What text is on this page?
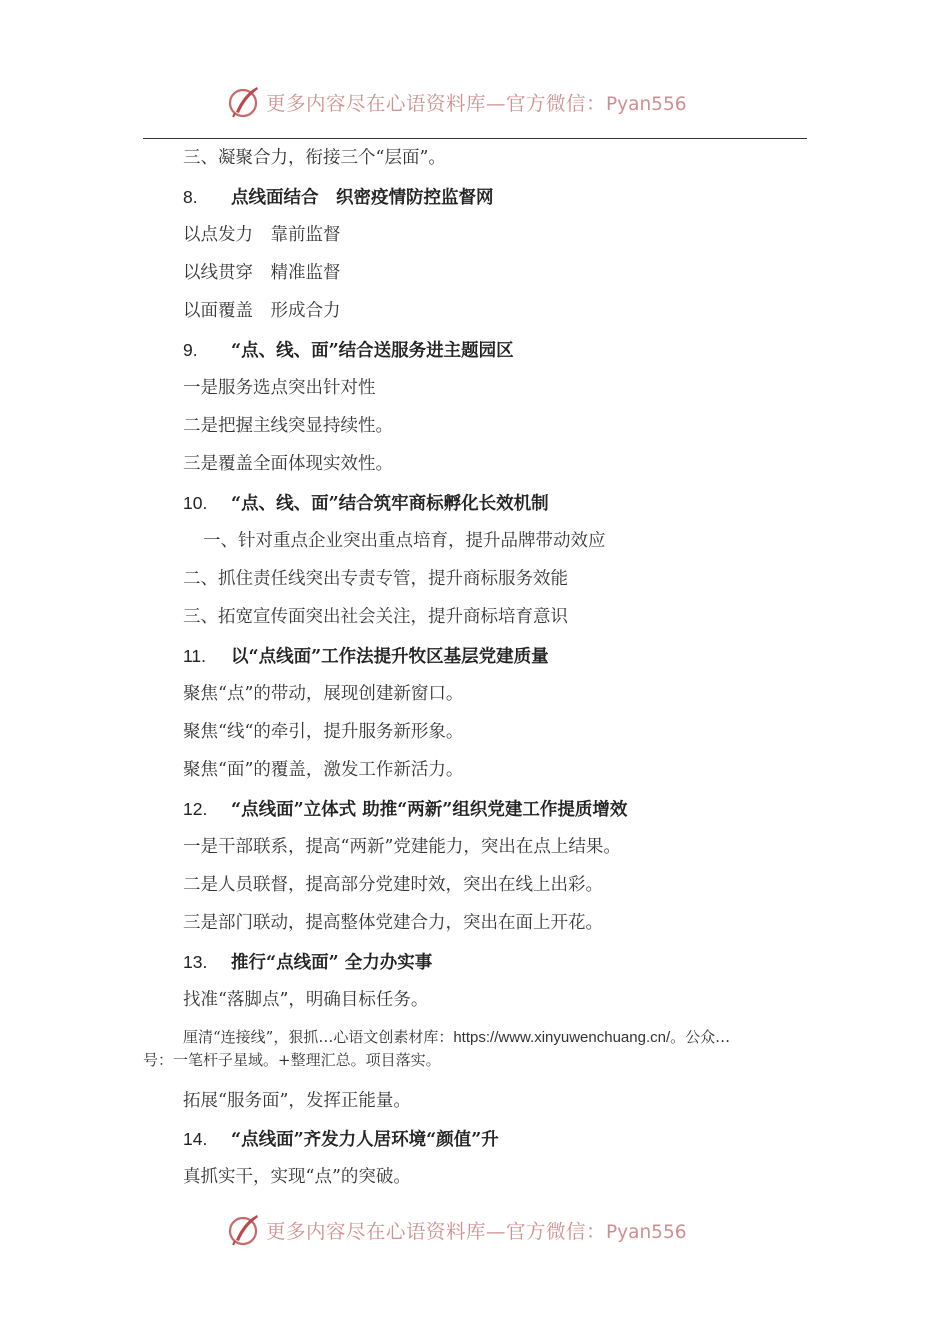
更多内容尽在心语资料库—官方微信：Pyan556
三、凝聚合力，衔接三个“层面”。
8. 点线面结合　织密疫情防控监督网
以点发力　靠前监督
以线贯穿　精准监督
以面覆盖　形成合力
9. “点、线、面”结合送服务进主题园区
一是服务选点突出针对性
二是把握主线突显持续性。
三是覆盖全面体现实效性。
10. “点、线、面”结合筑牢商标孵化长效机制
一、针对重点企业突出重点培育，提升品牌带动效应
二、抓住责任线突出专责专管，提升商标服务效能
三、拓宽宣传面突出社会关注，提升商标培育意识
11. 以“点线面”工作法提升牧区基层党建质量
聚焦“点”的带动，展现创建新窗口。
聚焦“线“的牵引，提升服务新形象。
聚焦“面”的覆盖，激发工作新活力。
12. “点线面”立体式 助推“两新”组织党建工作提质增效
一是干部联系，提高“两新”党建能力，突出在点上结果。
二是人员联督，提高部分党建时效，突出在线上出彩。
三是部门联动，提高整体党建合力，突出在面上开花。
13. 推行“点线面” 全力办实事
找准“落脚点”，明确目标任务。
厘清“连接线”，狠抓…心语文创素材库：https://www.xinyuwenchuang.cn/。公众…
号：一笔杆子星域。+整理汇总。项目落实。
拓展“服务面”，发挥正能量。
14. “点线面”齐发力人居环境“颜值”升
真抓实干，实现“点”的突破。
更多内容尽在心语资料库—官方微信：Pyan556
